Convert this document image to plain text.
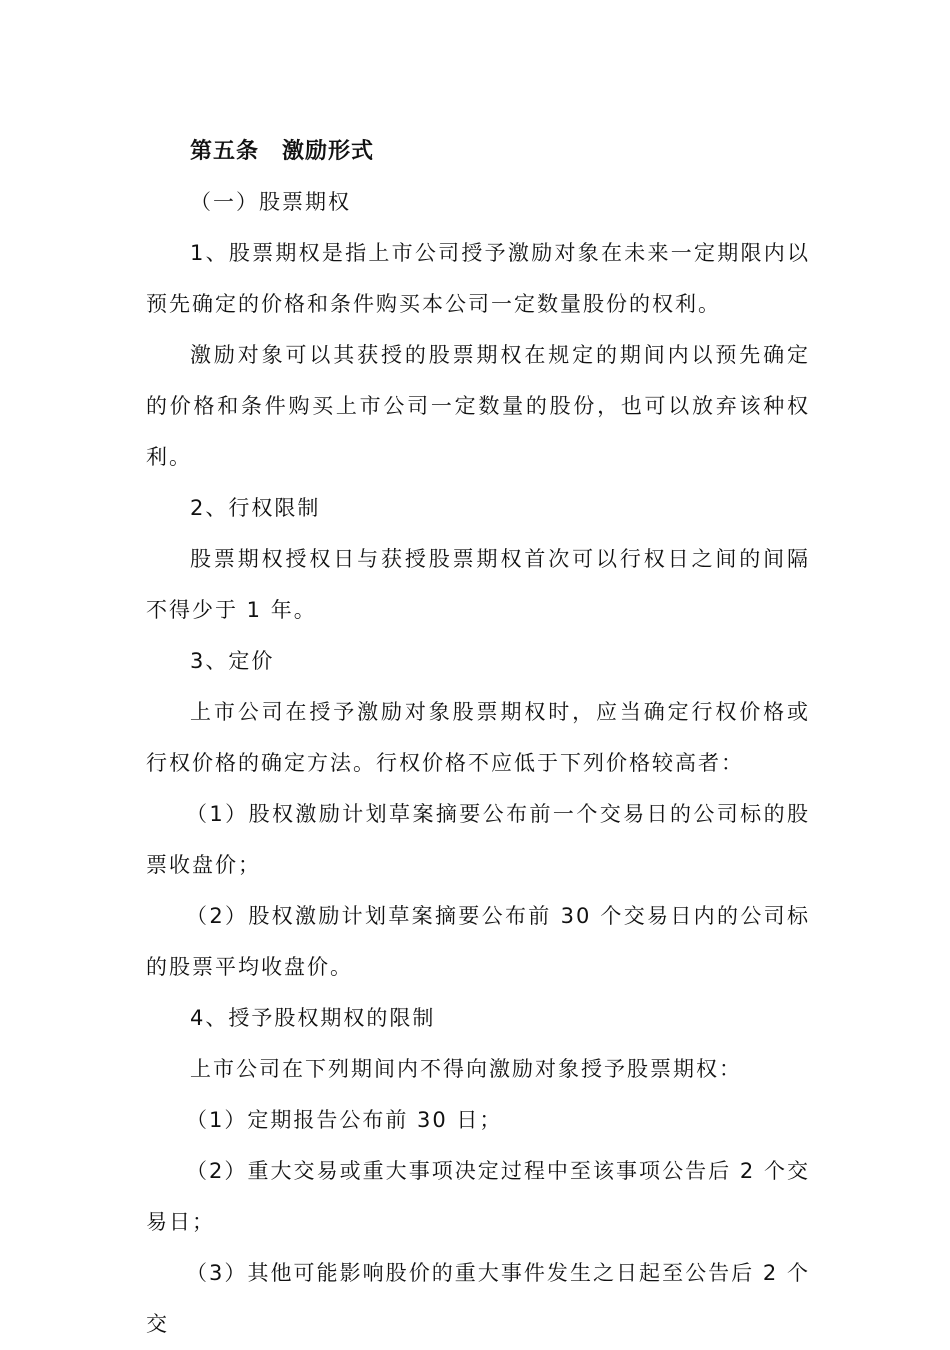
第五条　激励形式

（一）股票期权

1、股票期权是指上市公司授予激励对象在未来一定期限内以预先确定的价格和条件购买本公司一定数量股份的权利。

激励对象可以其获授的股票期权在规定的期间内以预先确定的价格和条件购买上市公司一定数量的股份，也可以放弃该种权利。

2、行权限制

股票期权授权日与获授股票期权首次可以行权日之间的间隔不得少于 1 年。

3、定价

上市公司在授予激励对象股票期权时，应当确定行权价格或行权价格的确定方法。行权价格不应低于下列价格较高者：

（1）股权激励计划草案摘要公布前一个交易日的公司标的股票收盘价；

（2）股权激励计划草案摘要公布前 30 个交易日内的公司标的股票平均收盘价。

4、授予股权期权的限制

上市公司在下列期间内不得向激励对象授予股票期权：

（1）定期报告公布前 30 日；

（2）重大交易或重大事项决定过程中至该事项公告后 2 个交易日；

（3）其他可能影响股价的重大事件发生之日起至公告后 2 个交
